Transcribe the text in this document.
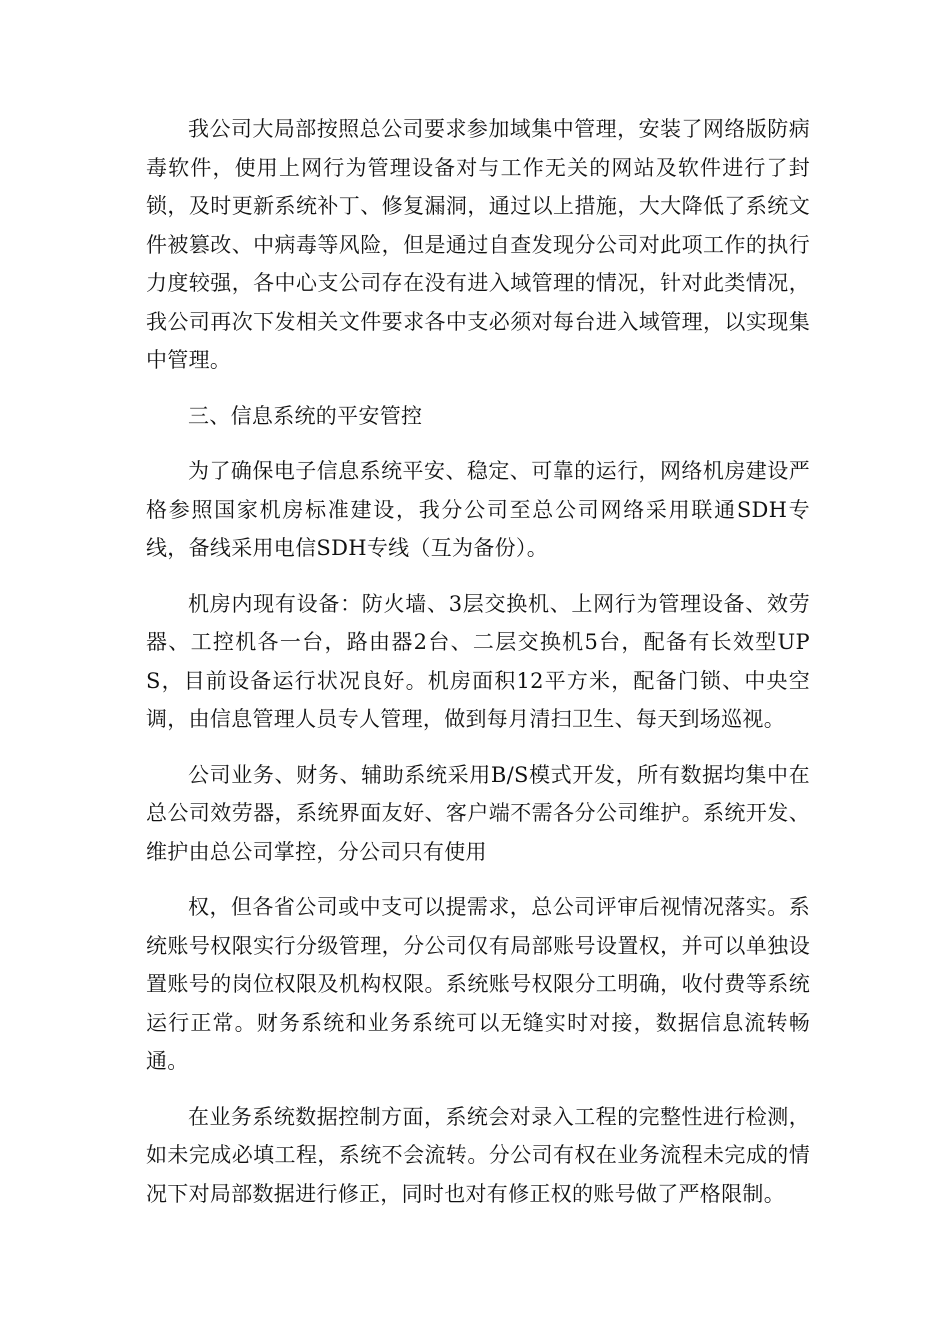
我公司大局部按照总公司要求参加域集中管理，安装了网络版防病毒软件，使用上网行为管理设备对与工作无关的网站及软件进行了封锁，及时更新系统补丁、修复漏洞，通过以上措施，大大降低了系统文件被篡改、中病毒等风险，但是通过自查发现分公司对此项工作的执行力度较强，各中心支公司存在没有进入域管理的情况，针对此类情况，我公司再次下发相关文件要求各中支必须对每台进入域管理，以实现集中管理。

三、信息系统的平安管控

为了确保电子信息系统平安、稳定、可靠的运行，网络机房建设严格参照国家机房标准建设，我分公司至总公司网络采用联通SDH专线，备线采用电信SDH专线（互为备份）。

机房内现有设备：防火墙、3层交换机、上网行为管理设备、效劳器、工控机各一台，路由器2台、二层交换机5台，配备有长效型UPS，目前设备运行状况良好。机房面积12平方米，配备门锁、中央空调，由信息管理人员专人管理，做到每月清扫卫生、每天到场巡视。

公司业务、财务、辅助系统采用B/S模式开发，所有数据均集中在总公司效劳器，系统界面友好、客户端不需各分公司维护。系统开发、维护由总公司掌控，分公司只有使用

权，但各省公司或中支可以提需求，总公司评审后视情况落实。系统账号权限实行分级管理，分公司仅有局部账号设置权，并可以单独设置账号的岗位权限及机构权限。系统账号权限分工明确，收付费等系统运行正常。财务系统和业务系统可以无缝实时对接，数据信息流转畅通。

在业务系统数据控制方面，系统会对录入工程的完整性进行检测，如未完成必填工程，系统不会流转。分公司有权在业务流程未完成的情况下对局部数据进行修正，同时也对有修正权的账号做了严格限制。
